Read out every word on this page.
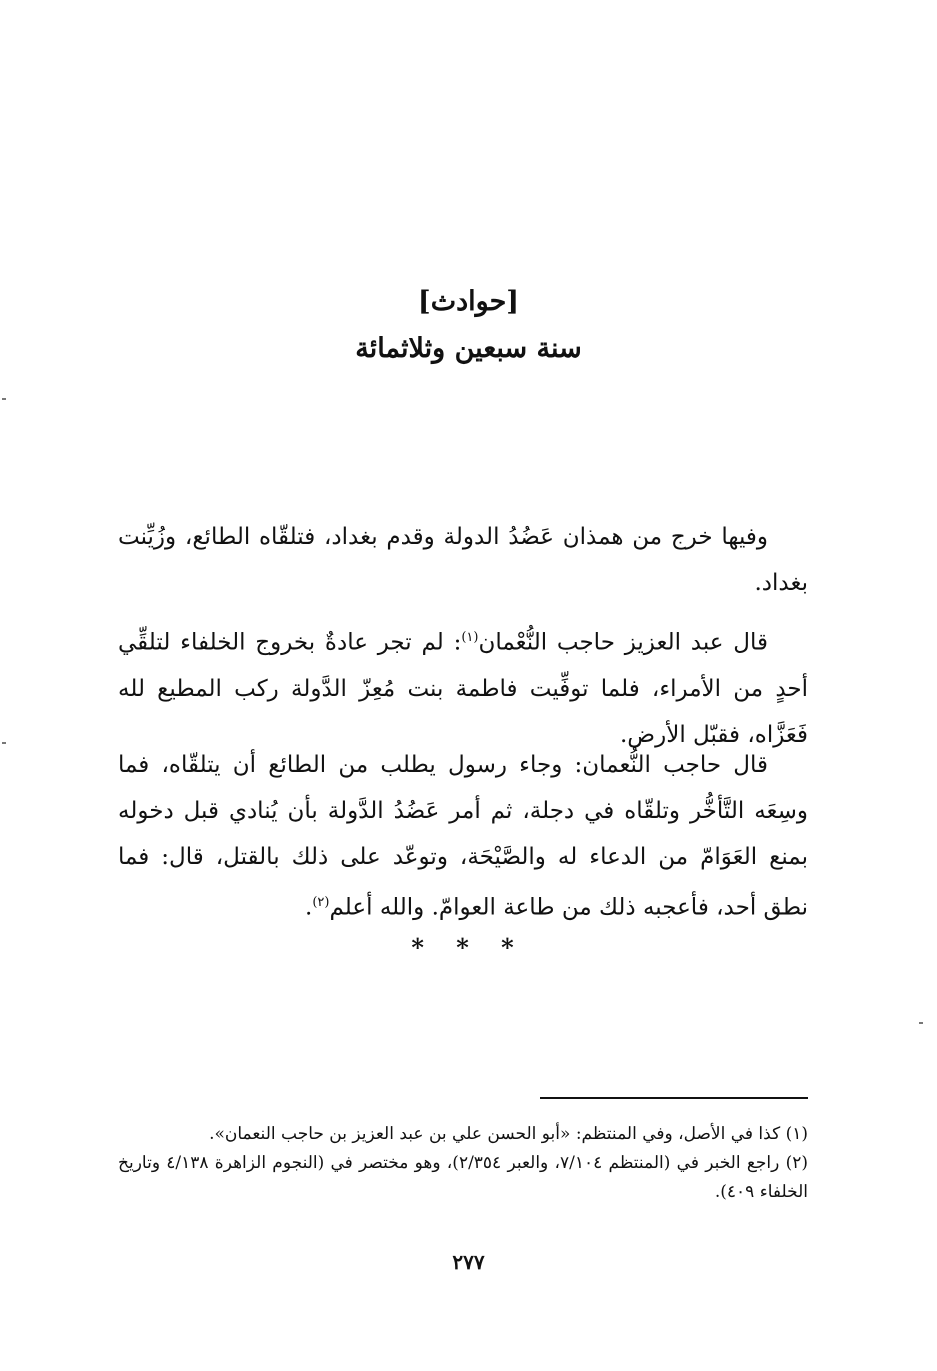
[حوادث]
سنة سبعين وثلاثمائة

وفيها خرج من همذان عَضُدُ الدولة وقدم بغداد، فتلقّاه الطائع، وزُيِّنت بغداد.

قال عبد العزيز حاجب النُّعْمان$^{(١)}$: لم تجر عادةٌ بخروج الخلفاء لتلقِّي أحدٍ من الأمراء، فلما توفِّيت فاطمة بنت مُعِزّ الدَّولة ركب المطيع لله فَعَزَّاه، فقبّل الأرض.

قال حاجب النُّعمان: وجاء رسول يطلب من الطائع أن يتلقّاه، فما وسِعَه التَّأخُّر وتلقّاه في دجلة، ثم أمر عَضُدُ الدَّولة بأن يُنادي قبل دخوله بمنع العَوَامّ من الدعاء له والصَّيْحَة، وتوعّد على ذلك بالقتل، قال: فما نطق أحد، فأعجبه ذلك من طاعة العوامّ. والله أعلم$^{(٢)}$.

* * *

(١) كذا في الأصل، وفي المنتظم: «أبو الحسن علي بن عبد العزيز بن حاجب النعمان».

(٢) راجع الخبر في (المنتظم ٧/١٠٤، والعبر ٢/٣٥٤)، وهو مختصر في (النجوم الزاهرة ٤/١٣٨ وتاريخ الخلفاء ٤٠٩).

٢٧٧
